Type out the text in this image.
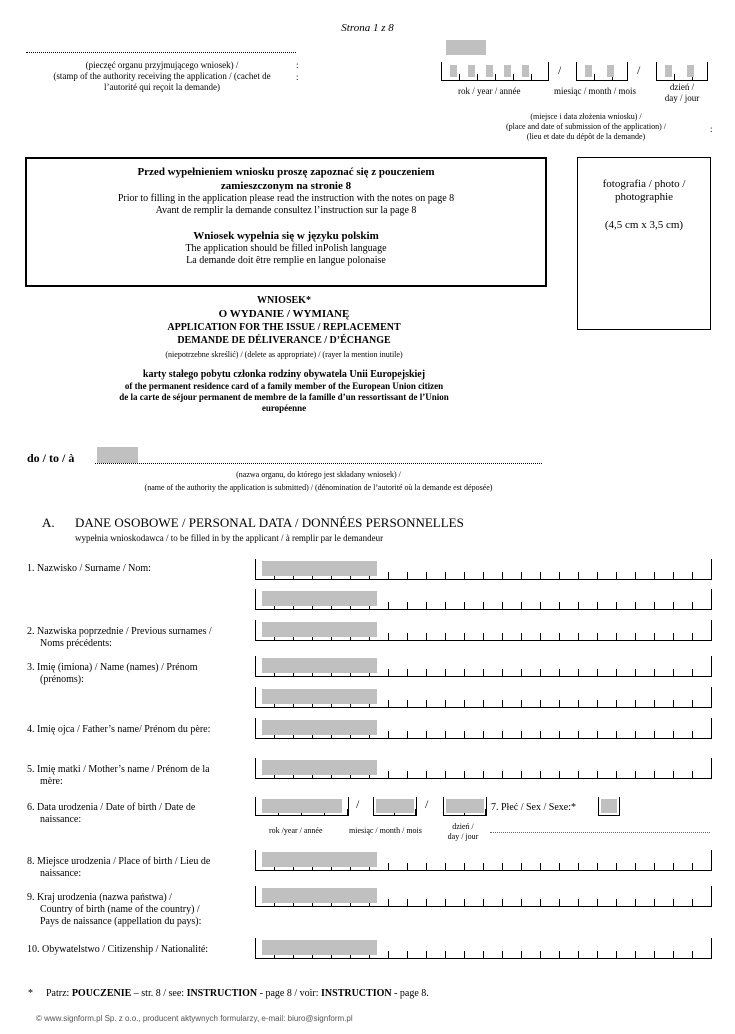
Strona 1 z 8
(pieczęć organu przyjmującego wniosek) /
(stamp of the authority receiving the application / (cachet de
l’autorité qui reçoit la demande)
:
:	/	/
rok / year / année	miesiąc / month / mois	dzień /
day / jour
(miejsce i data złożenia wniosku) /
(place and date of submission of the application) /
(lieu et date du dépôt de la demande)
:
Przed wypełnieniem wniosku proszę zapoznać się z pouczeniem
zamieszczonym na stronie 8
Prior to filling in the application please read the instruction with the notes on page 8
Avant de remplir la demande consultez l’instruction sur la page 8
Wniosek wypełnia się w języku polskim
The application should be filled inPolish language
La demande doit être remplie en langue polonaise
fotografia / photo /
photographie
(4,5 cm x 3,5 cm)
WNIOSEK*
O WYDANIE / WYMIANĘ
APPLICATION FOR THE ISSUE / REPLACEMENT
DEMANDE DE DÉLIVERANCE / D’ÉCHANGE
(niepotrzebne skreślić) / (delete as appropriate) / (rayer la mention inutile)
karty stałego pobytu członka rodziny obywatela Unii Europejskiej
of the permanent residence card of a family member of the European Union citizen
de la carte de séjour permanent de membre de la famille d’un ressortissant de l’Union
européenne
do / to / à
(nazwa organu, do którego jest składany wniosek) /
(name of the authority the application is submitted) / (dénomination de l’autorité où la demande est déposée)
A. DANE OSOBOWE / PERSONAL DATA / DONNÉES PERSONNELLES
wypełnia wnioskodawca / to be filled in by the applicant / à remplir par le demandeur
1. Nazwisko / Surname / Nom:
2. Nazwiska poprzednie / Previous surnames /
Noms précédents:
3. Imię (imiona) / Name (names) / Prénom
(prénoms):
4. Imię ojca / Father’s name/ Prénom du père:
5. Imię matki / Mother’s name / Prénom de la
mère:
6. Data urodzenia / Date of birth / Date de
naissance:
/	/
rok /year / année	miesiąc / month / mois	dzień /
day / jour
7. Płeć / Sex / Sexe:*
8. Miejsce urodzenia / Place of birth / Lieu de
naissance:
9. Kraj urodzenia (nazwa państwa) /
Country of birth (name of the country) /
Pays de naissance (appellation du pays):
10. Obywatelstwo / Citizenship / Nationalité:
* Patrz: POUCZENIE – str. 8 / see: INSTRUCTION - page 8 / voir: INSTRUCTION - page 8.
© www.signform.pl Sp. z o.o., producent aktywnych formularzy, e-mail: biuro@signform.pl
